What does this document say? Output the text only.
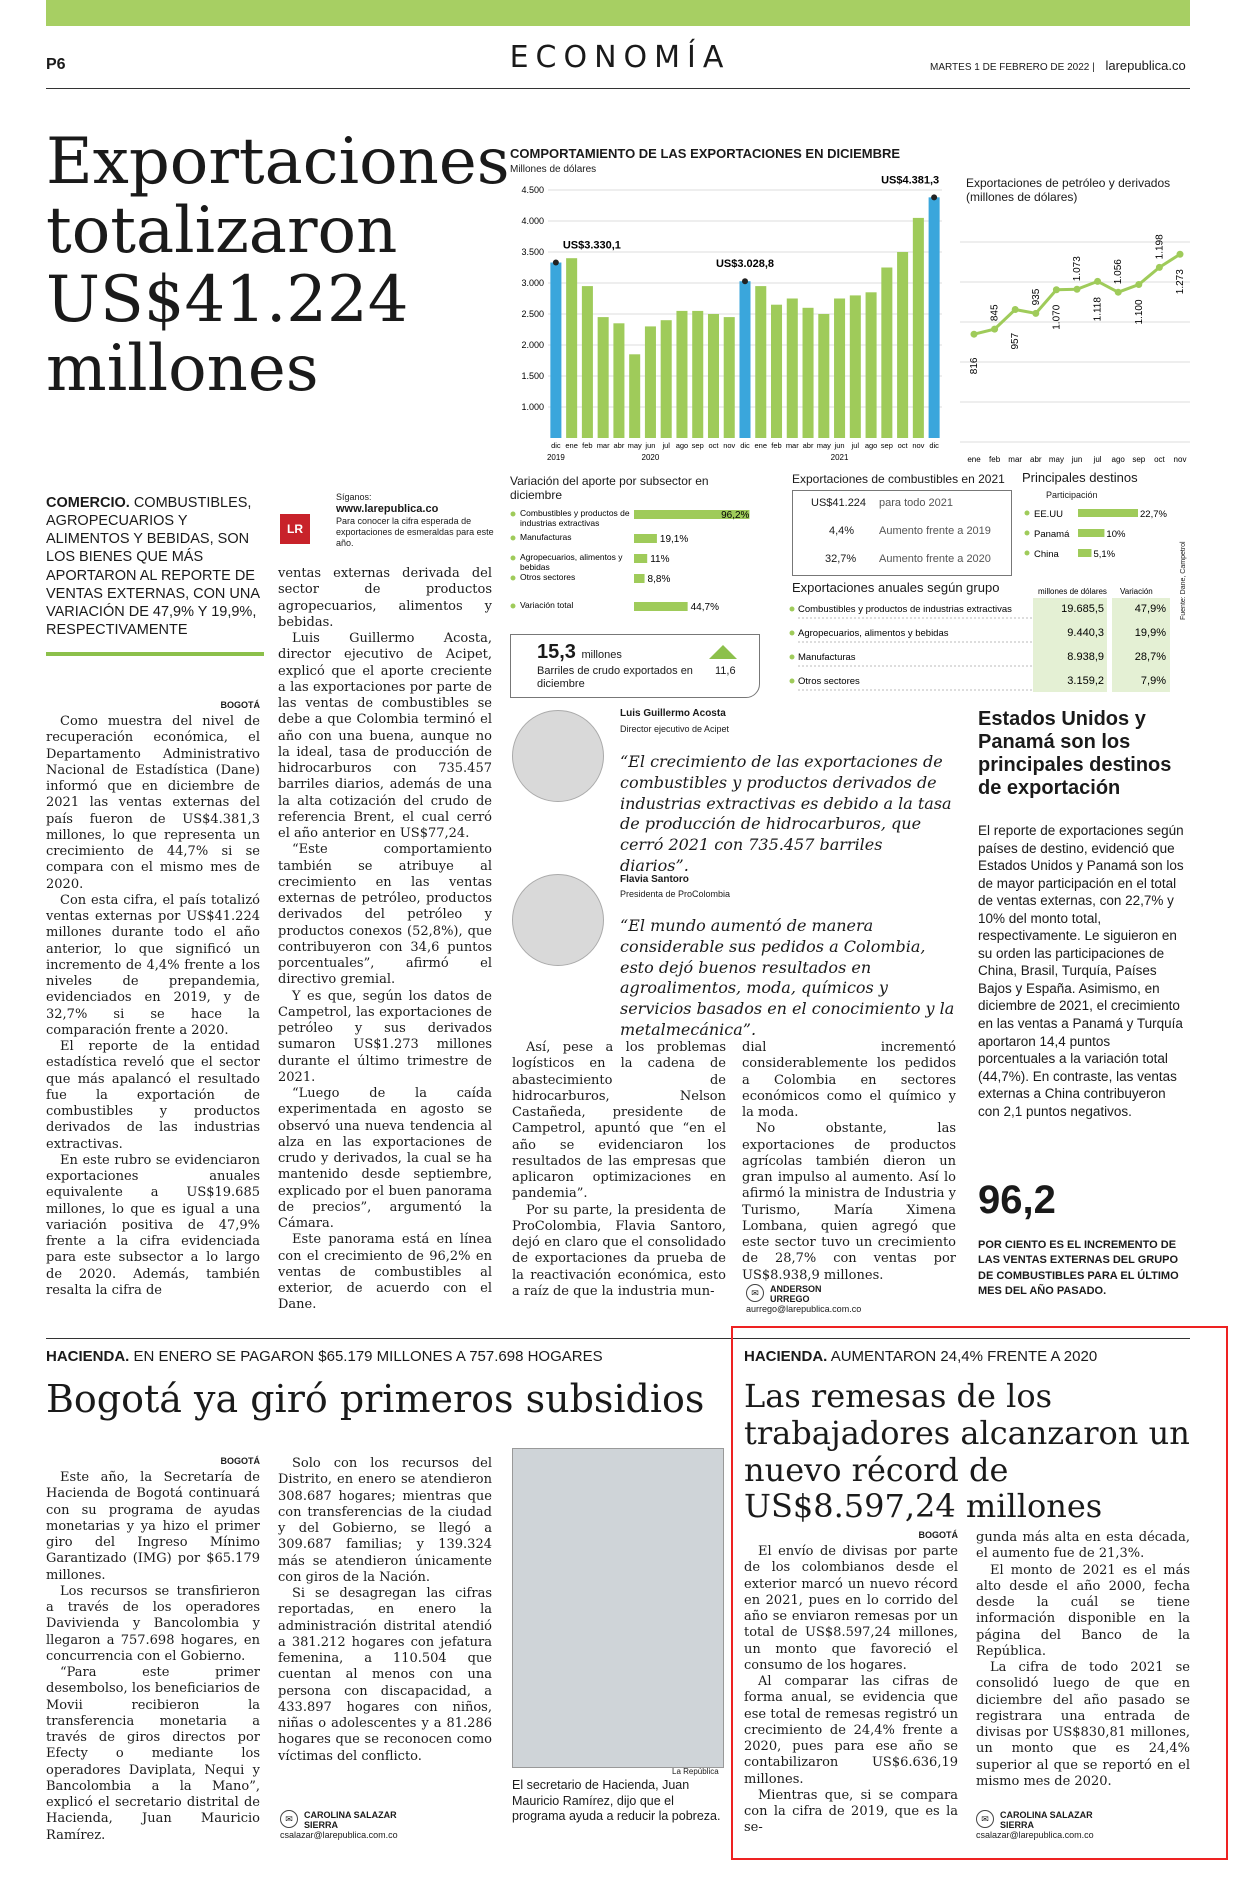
P6	ECONOMÍA	MARTES 1 DE FEBRERO DE 2022 | larepublica.co
Exportaciones totalizaron US$41.224 millones
COMERCIO. COMBUSTIBLES, AGROPECUARIOS Y ALIMENTOS Y BEBIDAS, SON LOS BIENES QUE MÁS APORTARON AL REPORTE DE VENTAS EXTERNAS, CON UNA VARIACIÓN DE 47,9% Y 19,9%, RESPECTIVAMENTE
LR
Síganos:
www.larepublica.co
Para conocer la cifra esperada de exportaciones de esmeraldas para este año.
BOGOTÁ

Como muestra del nivel de recuperación económica, el Departamento Administrativo Nacional de Estadística (Dane) informó que en diciembre de 2021 las ventas externas del país fueron de US$4.381,3 millones, lo que representa un crecimiento de 44,7% si se compara con el mismo mes de 2020.

Con esta cifra, el país totalizó ventas externas por US$41.224 millones durante todo el año anterior, lo que significó un incremento de 4,4% frente a los niveles de prepandemia, evidenciados en 2019, y de 32,7% si se hace la comparación frente a 2020.

El reporte de la entidad estadística reveló que el sector que más apalancó el resultado fue la exportación de combustibles y productos derivados de las industrias extractivas.

En este rubro se evidenciaron exportaciones anuales equivalente a US$19.685 millones, lo que es igual a una variación positiva de 47,9% frente a la cifra evidenciada para este subsector a lo largo de 2020. Además, también resalta la cifra de

ventas externas derivada del sector de productos agropecuarios, alimentos y bebidas.

Luis Guillermo Acosta, director ejecutivo de Acipet, explicó que el aporte creciente a las exportaciones por parte de las ventas de combustibles se debe a que Colombia terminó el año con una buena, aunque no la ideal, tasa de producción de hidrocarburos con 735.457 barriles diarios, además de una la alta cotización del crudo de referencia Brent, el cual cerró el año anterior en US$77,24.

“Este comportamiento también se atribuye al crecimiento en las ventas externas de petróleo, productos derivados del petróleo y productos conexos (52,8%), que contribuyeron con 34,6 puntos porcentuales”, afirmó el directivo gremial.

Y es que, según los datos de Campetrol, las exportaciones de petróleo y sus derivados sumaron US$1.273 millones durante el último trimestre de 2021.

“Luego de la caída experimentada en agosto se observó una nueva tendencia al alza en las exportaciones de crudo y derivados, la cual se ha mantenido desde septiembre, explicado por el buen panorama de precios”, argumentó la Cámara.

Este panorama está en línea con el crecimiento de 96,2% en ventas de combustibles al exterior, de acuerdo con el Dane.

COMPORTAMIENTO DE LAS EXPORTACIONES EN DICIEMBRE
Millones de dólares
4.500
4.000
3.500
3.000
2.500
2.000
1.500
1.000
dic ene feb mar abr may jun jul ago sep oct nov dic ene feb mar abr may jun jul ago sep oct nov dic
US$3.330,1
US$3.028,8
US$4.381,3
2019	2020	2021
Exportaciones de petróleo y derivados (millones de dólares)
816
ene
845
feb
957
mar
935
abr
1.070
may
1.073
jun
1.118
jul
1.056
ago
1.100
sep
1.198
oct
1.273
nov
Variación del aporte por subsector en diciembre
Combustibles y productos de industrias extractivas
96,2%
Manufacturas	19,1%
Agropecuarios, alimentos y bebidas
11%
Otros sectores	8,8%
Variación total	44,7%
15,3 millones
Barriles de crudo exportados en diciembre
11,6
Exportaciones de combustibles en 2021
US$41.224 para todo 2021
4,4% Aumento frente a 2019
32,7% Aumento frente a 2020
Principales destinos
Participación
EE.UU	22,7%
Panamá	10%
China	5,1%
Exportaciones anuales según grupo	millones de dólares Variación
Combustibles y productos de industrias extractivas	19.685,5	47,9%
Agropecuarios, alimentos y bebidas	9.440,3	19,9%
Manufacturas	8.938,9	28,7%
Otros sectores	3.159,2	7,9%
Fuente: Dane, Campetrol
Luis Guillermo Acosta
Director ejecutivo de Acipet
“El crecimiento de las exportaciones de combustibles y productos derivados de industrias extractivas es debido a la tasa de producción de hidrocarburos, que cerró 2021 con 735.457 barriles diarios”.
Flavia Santoro
Presidenta de ProColombia
“El mundo aumentó de manera considerable sus pedidos a Colombia, esto dejó buenos resultados en agroalimentos, moda, químicos y servicios basados en el conocimiento y la metalmecánica”.

Así, pese a los problemas logísticos en la cadena de abastecimiento de hidrocarburos, Nelson Castañeda, presidente de Campetrol, apuntó que “en el año se evidenciaron los resultados de las empresas que aplicaron optimizaciones en pandemia”.

Por su parte, la presidenta de ProColombia, Flavia Santoro, dejó en claro que el consolidado de exportaciones da prueba de la reactivación económica, esto a raíz de que la industria mun-

dial incrementó considerablemente los pedidos a Colombia en sectores económicos como el químico y la moda.

No obstante, las exportaciones de productos agrícolas también dieron un gran impulso al aumento. Así lo afirmó la ministra de Industria y Turismo, María Ximena Lombana, quien agregó que este sector tuvo un crecimiento de 28,7% con ventas por US$8.938,9 millones.

✉	ANDERSON URREGO
aurrego@larepublica.com.co
Estados Unidos y Panamá son los principales destinos de exportación
El reporte de exportaciones según países de destino, evidenció que Estados Unidos y Panamá son los de mayor participación en el total de ventas externas, con 22,7% y 10% del monto total, respectivamente. Le siguieron en su orden las participaciones de China, Brasil, Turquía, Países Bajos y España. Asimismo, en diciembre de 2021, el crecimiento en las ventas a Panamá y Turquía aportaron 14,4 puntos porcentuales a la variación total (44,7%). En contraste, las ventas externas a China contribuyeron con 2,1 puntos negativos.
96,2
POR CIENTO ES EL INCREMENTO DE LAS VENTAS EXTERNAS DEL GRUPO DE COMBUSTIBLES PARA EL ÚLTIMO MES DEL AÑO PASADO.
HACIENDA. EN ENERO SE PAGARON $65.179 MILLONES A 757.698 HOGARES
Bogotá ya giró primeros subsidios
BOGOTÁ

Este año, la Secretaría de Hacienda de Bogotá continuará con su programa de ayudas monetarias y ya hizo el primer giro del Ingreso Mínimo Garantizado (IMG) por $65.179 millones.

Los recursos se transfirieron a través de los operadores Davivienda y Bancolombia y llegaron a 757.698 hogares, en concurrencia con el Gobierno.

“Para este primer desembolso, los beneficiarios de Movii recibieron la transferencia monetaria a través de giros directos por Efecty o mediante los operadores Daviplata, Nequi y Bancolombia a la Mano”, explicó el secretario distrital de Hacienda, Juan Mauricio Ramírez.

Solo con los recursos del Distrito, en enero se atendieron 308.687 hogares; mientras que con transferencias de la ciudad y del Gobierno, se llegó a 309.687 familias; y 139.324 más se atendieron únicamente con giros de la Nación.

Si se desagregan las cifras reportadas, en enero la administración distrital atendió a 381.212 hogares con jefatura femenina, a 110.504 que cuentan al menos con una persona con discapacidad, a 433.897 hogares con niños, niñas o adolescentes y a 81.286 hogares que se reconocen como víctimas del conflicto.

✉	CAROLINA SALAZAR SIERRA
csalazar@larepublica.com.co
La República
El secretario de Hacienda, Juan Mauricio Ramírez, dijo que el programa ayuda a reducir la pobreza.
HACIENDA. AUMENTARON 24,4% FRENTE A 2020
Las remesas de los trabajadores alcanzaron un nuevo récord de US$8.597,24 millones
BOGOTÁ

El envío de divisas por parte de los colombianos desde el exterior marcó un nuevo récord en 2021, pues en lo corrido del año se enviaron remesas por un total de US$8.597,24 millones, un monto que favoreció el consumo de los hogares.

Al comparar las cifras de forma anual, se evidencia que ese total de remesas registró un crecimiento de 24,4% frente a 2020, pues para ese año se contabilizaron US$6.636,19 millones.

Mientras que, si se compara con la cifra de 2019, que es la se-

gunda más alta en esta década, el aumento fue de 21,3%.

El monto de 2021 es el más alto desde el año 2000, fecha desde la cuál se tiene información disponible en la página del Banco de la República.

La cifra de todo 2021 se consolidó luego de que en diciembre del año pasado se registrara una entrada de divisas por US$830,81 millones, un monto que es 24,4% superior al que se reportó en el mismo mes de 2020.

✉	CAROLINA SALAZAR SIERRA
csalazar@larepublica.com.co
